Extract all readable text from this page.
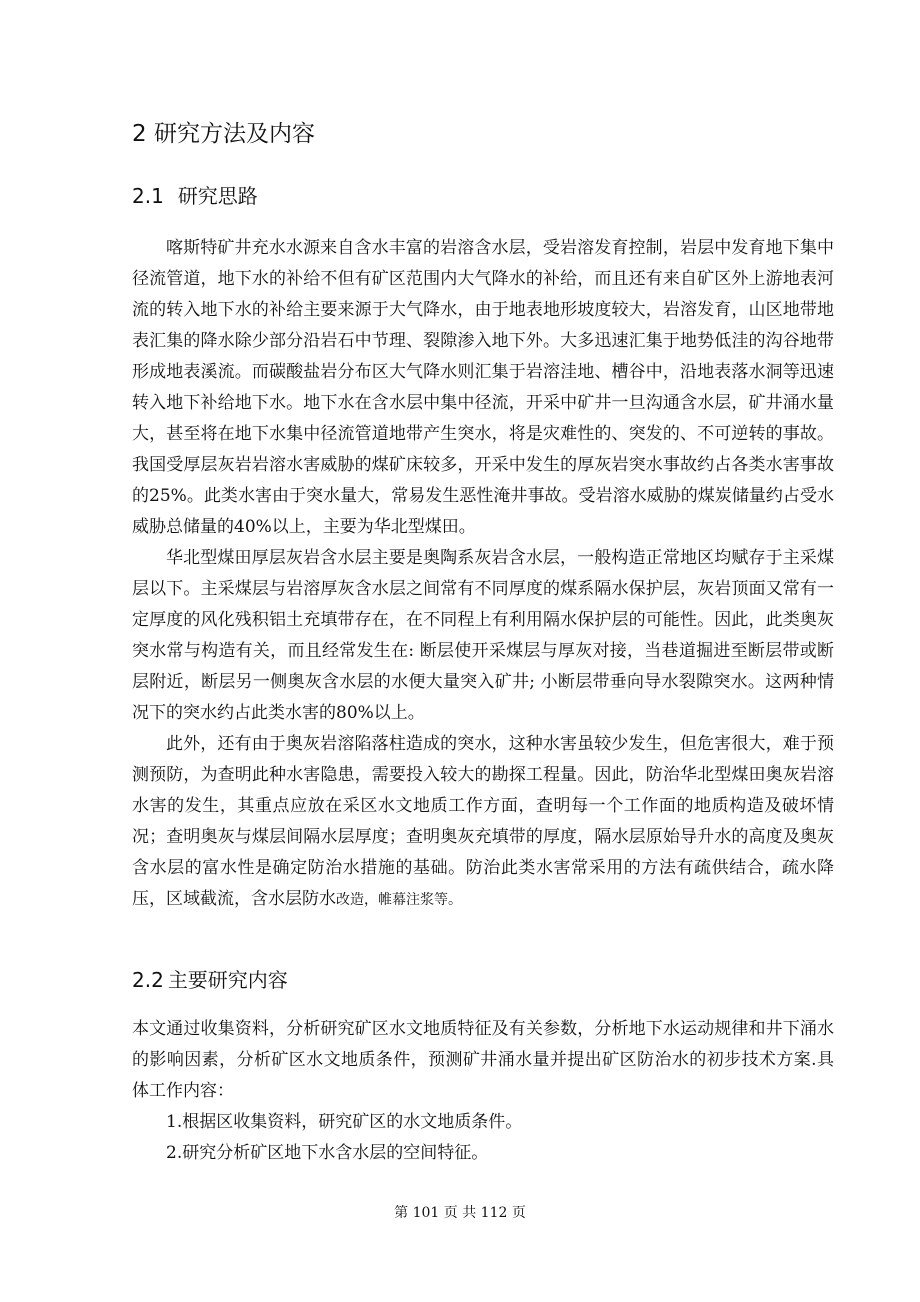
2 研究方法及内容
2.1 研究思路

喀斯特矿井充水水源来自含水丰富的岩溶含水层，受岩溶发育控制，岩层中发育地下集中径流管道，地下水的补给不但有矿区范围内大气降水的补给，而且还有来自矿区外上游地表河流的转入地下水的补给主要来源于大气降水，由于地表地形坡度较大，岩溶发育，山区地带地表汇集的降水除少部分沿岩石中节理、裂隙渗入地下外。大多迅速汇集于地势低洼的沟谷地带形成地表溪流。而碳酸盐岩分布区大气降水则汇集于岩溶洼地、槽谷中，沿地表落水洞等迅速转入地下补给地下水。地下水在含水层中集中径流，开采中矿井一旦沟通含水层，矿井涌水量大，甚至将在地下水集中径流管道地带产生突水，将是灾难性的、突发的、不可逆转的事故。我国受厚层灰岩岩溶水害威胁的煤矿床较多，开采中发生的厚灰岩突水事故约占各类水害事故的25%。此类水害由于突水量大，常易发生恶性淹井事故。受岩溶水威胁的煤炭储量约占受水威胁总储量的40%以上，主要为华北型煤田。

华北型煤田厚层灰岩含水层主要是奥陶系灰岩含水层，一般构造正常地区均赋存于主采煤层以下。主采煤层与岩溶厚灰含水层之间常有不同厚度的煤系隔水保护层，灰岩顶面又常有一定厚度的风化残积铝土充填带存在，在不同程上有利用隔水保护层的可能性。因此，此类奥灰突水常与构造有关，而且经常发生在: 断层使开采煤层与厚灰对接，当巷道掘进至断层带或断层附近，断层另一侧奥灰含水层的水便大量突入矿井; 小断层带垂向导水裂隙突水。这两种情况下的突水约占此类水害的80%以上。

此外，还有由于奥灰岩溶陷落柱造成的突水，这种水害虽较少发生，但危害很大，难于预测预防，为查明此种水害隐患，需要投入较大的勘探工程量。因此，防治华北型煤田奥灰岩溶水害的发生，其重点应放在采区水文地质工作方面，查明每一个工作面的地质构造及破坏情况；查明奥灰与煤层间隔水层厚度；查明奥灰充填带的厚度，隔水层原始导升水的高度及奥灰含水层的富水性是确定防治水措施的基础。防治此类水害常采用的方法有疏供结合，疏水降压，区域截流，含水层防水改造，帷幕注浆等。

2.2 主要研究内容

本文通过收集资料，分析研究矿区水文地质特征及有关参数，分析地下水运动规律和井下涌水的影响因素，分析矿区水文地质条件，预测矿井涌水量并提出矿区防治水的初步技术方案.具体工作内容：

1.根据区收集资料，研究矿区的水文地质条件。

2.研究分析矿区地下水含水层的空间特征。

第 101 页 共 112 页
